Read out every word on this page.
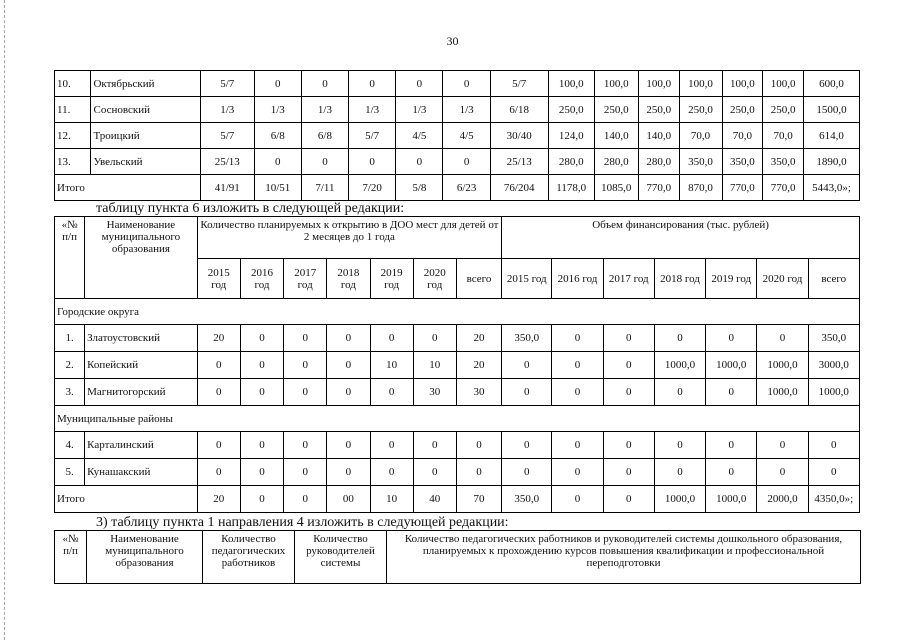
30
10.	Октябрьский	5/7	0	0	0	0	0	5/7	100,0	100,0	100,0	100,0	100,0	100,0	600,0
11.	Сосновский	1/3	1/3	1/3	1/3	1/3	1/3	6/18	250,0	250,0	250,0	250,0	250,0	250,0	1500,0
12.	Троицкий	5/7	6/8	6/8	5/7	4/5	4/5	30/40	124,0	140,0	140,0	70,0	70,0	70,0	614,0
13.	Увельский	25/13	0	0	0	0	0	25/13	280,0	280,0	280,0	350,0	350,0	350,0	1890,0
Итого		41/91	10/51	7/11	7/20	5/8	6/23	76/204	1178,0	1085,0	770,0	870,0	770,0	770,0	5443,0»;
таблицу пункта 6 изложить в следующей редакции:
«№ п/п	Наименование муниципального образования	Количество планируемых к открытию в ДОО мест для детей от 2 месяцев до 1 года							Объем финансирования (тыс. рублей)						
		2015 год	2016 год	2017 год	2018 год	2019 год	2020 год	всего	2015 год	2016 год	2017 год	2018 год	2019 год	2020 год	всего
Городские округа															
1.	Златоустовский	20	0	0	0	0	0	20	350,0	0	0	0	0	0	350,0
2.	Копейский	0	0	0	0	10	10	20	0	0	0	1000,0	1000,0	1000,0	3000,0
3.	Магнитогорский	0	0	0	0	0	30	30	0	0	0	0	0	1000,0	1000,0
Муниципальные районы															
4.	Карталинский	0	0	0	0	0	0	0	0	0	0	0	0	0	0
5.	Кунашакский	0	0	0	0	0	0	0	0	0	0	0	0	0	0
Итого		20	0	0	00	10	40	70	350,0	0	0	1000,0	1000,0	2000,0	4350,0»;
3) таблицу пункта 1 направления 4 изложить в следующей редакции:
«№ п/п	Наименование муниципального образования	Количество педагогических работников	Количество руководителей системы	Количество педагогических работников и руководителей системы дошкольного образования, планируемых к прохождению курсов повышения квалификации и профессиональной переподготовки
